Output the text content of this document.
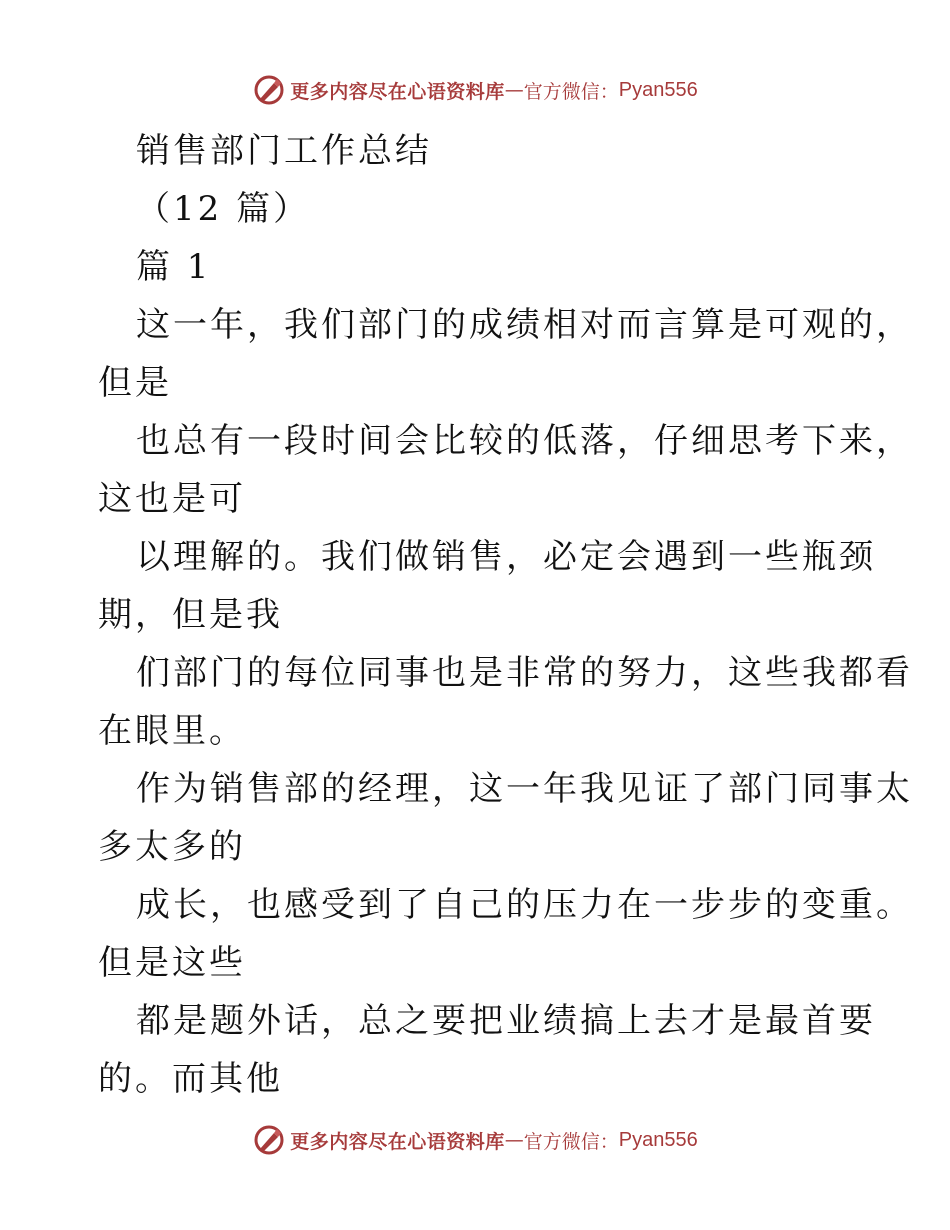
更多内容尽在心语资料库 — 官方微信： Pyan556
销售部门工作总结
（12 篇）
篇 1
这一年，我们部门的成绩相对而言算是可观的，
但是
也总有一段时间会比较的低落，仔细思考下来，
这也是可
以理解的。我们做销售，必定会遇到一些瓶颈
期，但是我
们部门的每位同事也是非常的努力，这些我都看
在眼里。
作为销售部的经理，这一年我见证了部门同事太
多太多的
成长，也感受到了自己的压力在一步步的变重。
但是这些
都是题外话，总之要把业绩搞上去才是最首要
的。而其他
更多内容尽在心语资料库 — 官方微信： Pyan556
